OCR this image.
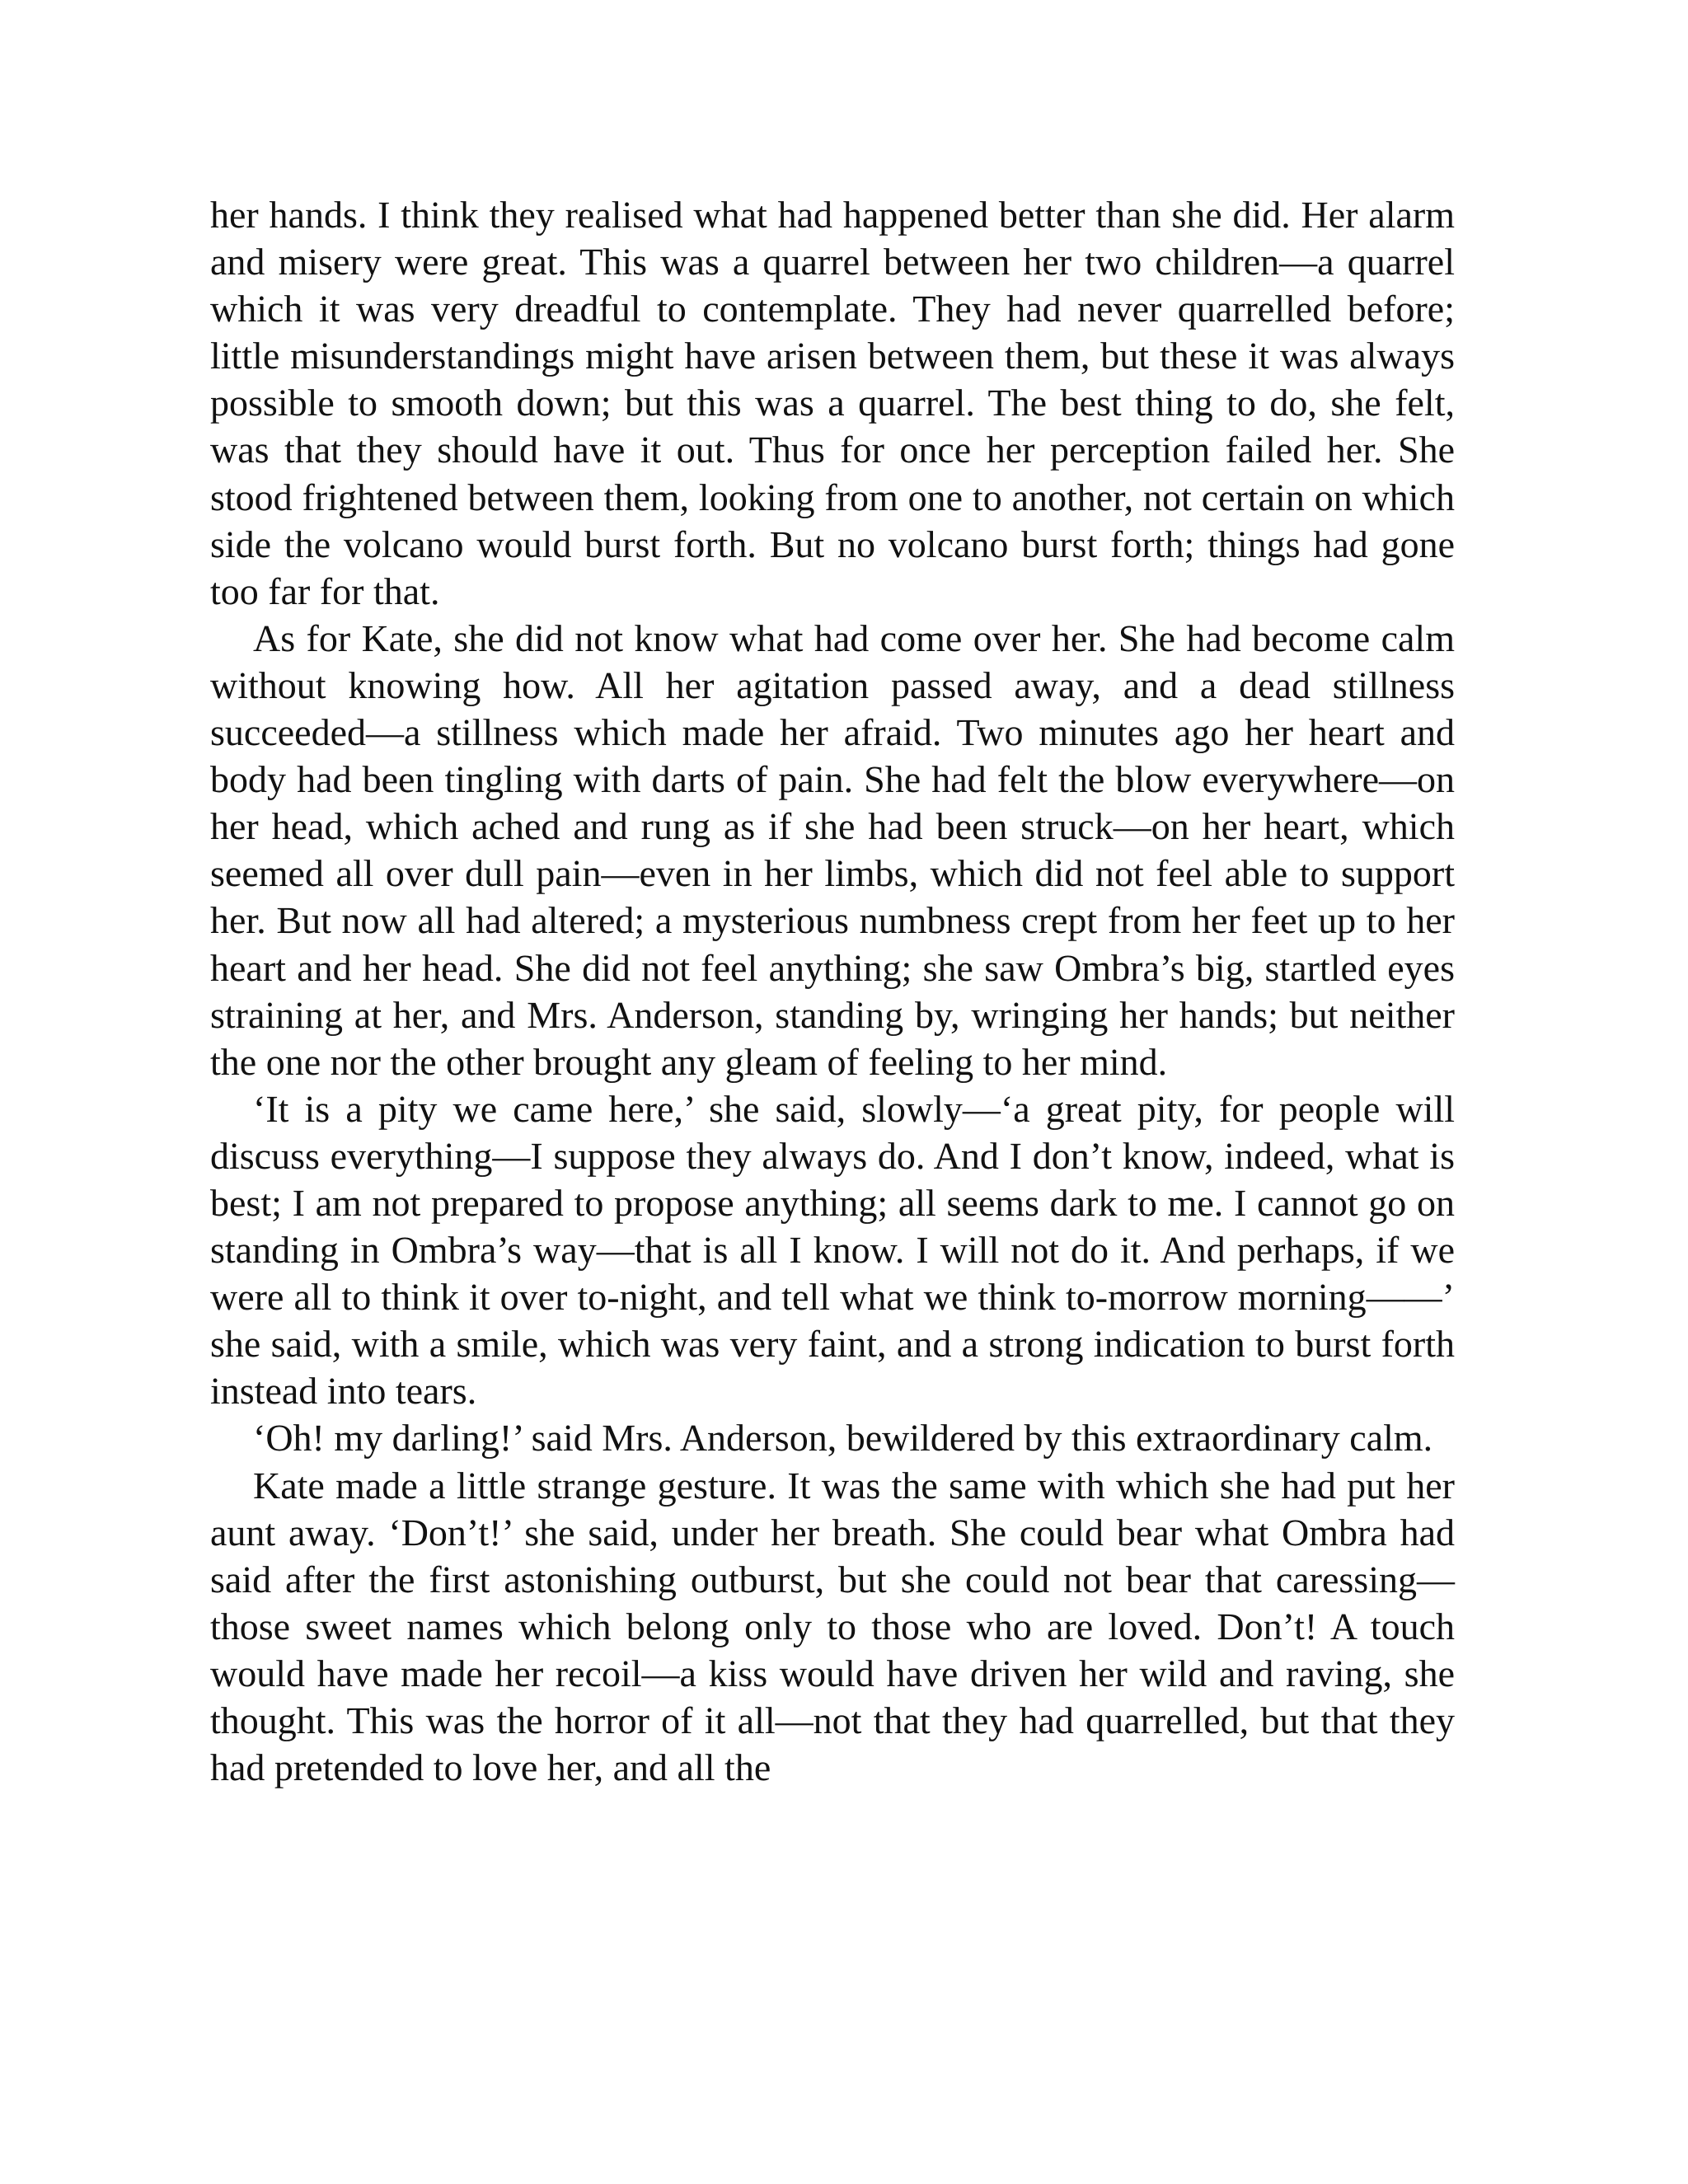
her hands. I think they realised what had happened better than she did. Her alarm and misery were great. This was a quarrel between her two children—a quarrel which it was very dreadful to contemplate. They had never quarrelled before; little misunderstandings might have arisen between them, but these it was always possible to smooth down; but this was a quarrel. The best thing to do, she felt, was that they should have it out. Thus for once her perception failed her. She stood frightened between them, looking from one to another, not certain on which side the volcano would burst forth. But no volcano burst forth; things had gone too far for that.

As for Kate, she did not know what had come over her. She had become calm without knowing how. All her agitation passed away, and a dead stillness succeeded—a stillness which made her afraid. Two minutes ago her heart and body had been tingling with darts of pain. She had felt the blow everywhere—on her head, which ached and rung as if she had been struck—on her heart, which seemed all over dull pain—even in her limbs, which did not feel able to support her. But now all had altered; a mysterious numbness crept from her feet up to her heart and her head. She did not feel anything; she saw Ombra’s big, startled eyes straining at her, and Mrs. Anderson, standing by, wringing her hands; but neither the one nor the other brought any gleam of feeling to her mind.

‘It is a pity we came here,’ she said, slowly—‘a great pity, for people will discuss everything—I suppose they always do. And I don’t know, indeed, what is best; I am not prepared to propose anything; all seems dark to me. I cannot go on standing in Ombra’s way—that is all I know. I will not do it. And perhaps, if we were all to think it over to-night, and tell what we think to-morrow morning——’ she said, with a smile, which was very faint, and a strong indication to burst forth instead into tears.

‘Oh! my darling!’ said Mrs. Anderson, bewildered by this extraordinary calm.

Kate made a little strange gesture. It was the same with which she had put her aunt away. ‘Don’t!’ she said, under her breath. She could bear what Ombra had said after the first astonishing outburst, but she could not bear that caressing—those sweet names which belong only to those who are loved. Don’t! A touch would have made her recoil—a kiss would have driven her wild and raving, she thought. This was the horror of it all—not that they had quarrelled, but that they had pretended to love her, and all the
